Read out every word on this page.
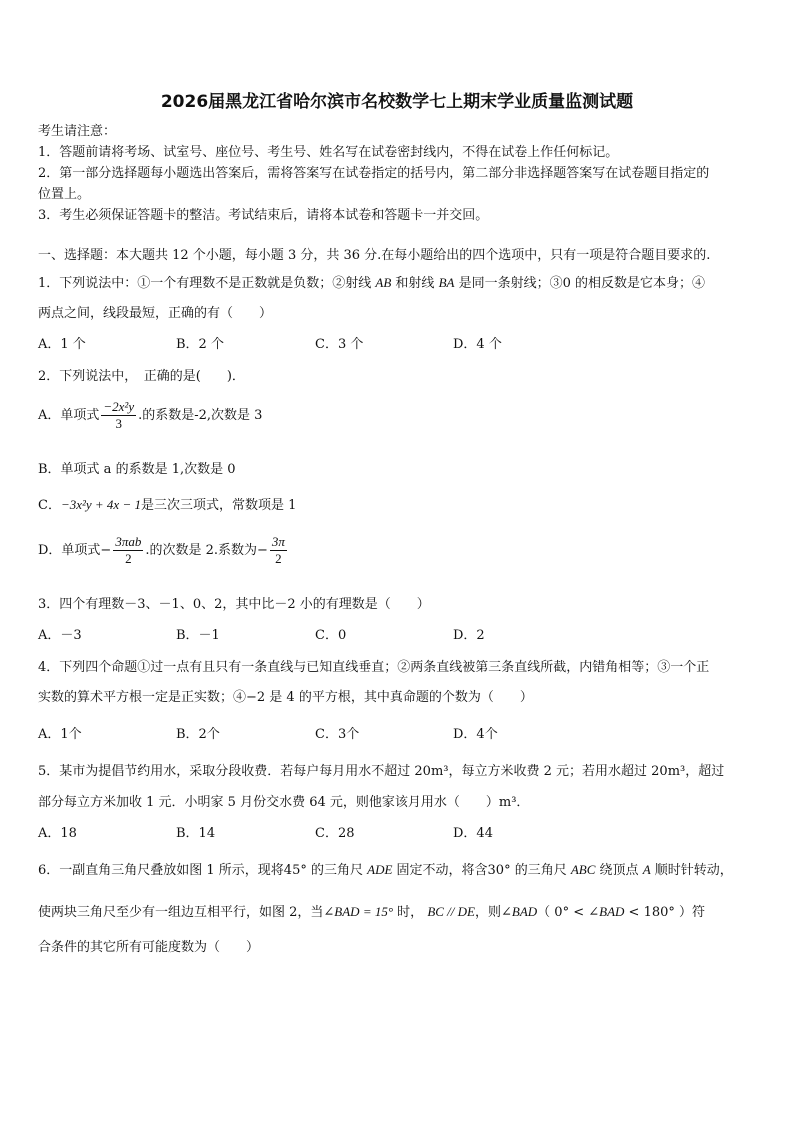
2026届黑龙江省哈尔滨市名校数学七上期末学业质量监测试题
考生请注意：
1．答题前请将考场、试室号、座位号、考生号、姓名写在试卷密封线内，不得在试卷上作任何标记。
2．第一部分选择题每小题选出答案后，需将答案写在试卷指定的括号内，第二部分非选择题答案写在试卷题目指定的
位置上。
3．考生必须保证答题卡的整洁。考试结束后，请将本试卷和答题卡一并交回。
一、选择题：本大题共 12 个小题，每小题 3 分，共 36 分.在每小题给出的四个选项中，只有一项是符合题目要求的.
1．下列说法中：①一个有理数不是正数就是负数；②射线 AB 和射线 BA 是同一条射线；③0 的相反数是它本身；④
两点之间，线段最短，正确的有（　　）
A．1 个	B．2 个	C．3 个	D．4 个
2．下列说法中，　正确的是(　　)．
A．单项式 $\frac{\text{−2x²y}}{3}$ .的系数是-2,次数是 3
B．单项式 a 的系数是 1,次数是 0
C．−3x²y + 4x − 1是三次三项式，常数项是 1
D．单项式− $\frac{\text{3πab}}{2}$ .的次数是 2.系数为− $\frac{3\pi}{2}$
3．四个有理数－3、－1、0、2，其中比－2 小的有理数是（　　）
A．－3	B．－1	C．0	D．2
4．下列四个命题①过一点有且只有一条直线与已知直线垂直；②两条直线被第三条直线所截，内错角相等；③一个正
实数的算术平方根一定是正实数；④−2 是 4 的平方根，其中真命题的个数为（　　）
A．1个	B．2个	C．3个	D．4个
5．某市为提倡节约用水，采取分段收费．若每户每月用水不超过 20m³，每立方米收费 2 元；若用水超过 20m³，超过
部分每立方米加收 1 元．小明家 5 月份交水费 64 元，则他家该月用水（　　）m³．
A．18	B．14	C．28	D．44
6．一副直角三角尺叠放如图 1 所示，现将45° 的三角尺 ADE 固定不动，将含30° 的三角尺 ABC 绕顶点 A 顺时针转动，
使两块三角尺至少有一组边互相平行，如图 2，当∠BAD = 15° 时， BC // DE，则∠BAD（ 0° < ∠BAD < 180° ）符
合条件的其它所有可能度数为（　　）
